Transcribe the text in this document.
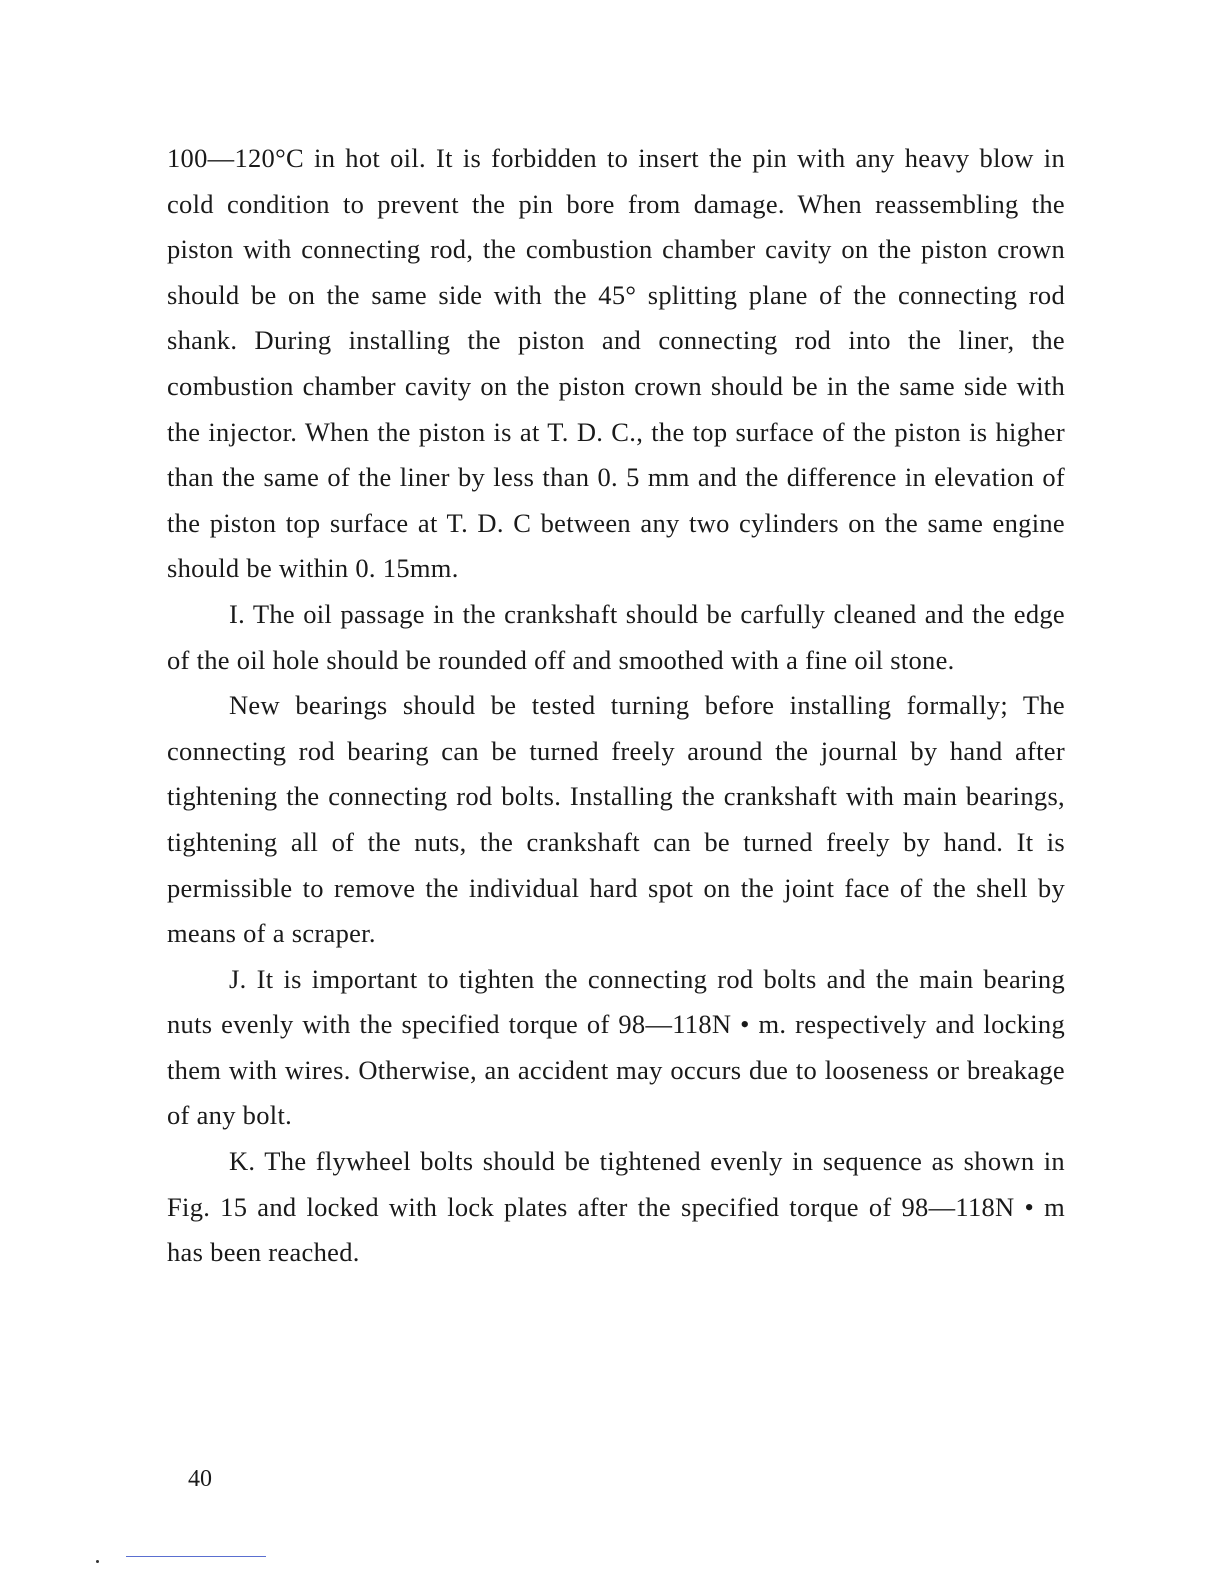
100—120°C in hot oil. It is forbidden to insert the pin with any heavy blow in cold condition to prevent the pin bore from damage. When reassembling the piston with connecting rod, the combustion chamber cavity on the piston crown should be on the same side with the 45° splitting plane of the connecting rod shank. During installing the piston and connecting rod into the liner, the combustion chamber cavity on the piston crown should be in the same side with the injector. When the piston is at T. D. C., the top surface of the piston is higher than the same of the liner by less than 0. 5 mm and the difference in elevation of the piston top surface at T. D. C between any two cylinders on the same engine should be within 0. 15mm.

I. The oil passage in the crankshaft should be carfully cleaned and the edge of the oil hole should be rounded off and smoothed with a fine oil stone.

New bearings should be tested turning before installing formally; The connecting rod bearing can be turned freely around the journal by hand after tightening the connecting rod bolts. Installing the crankshaft with main bearings, tightening all of the nuts, the crankshaft can be turned freely by hand. It is permissible to remove the individual hard spot on the joint face of the shell by means of a scraper.

J. It is important to tighten the connecting rod bolts and the main bearing nuts evenly with the specified torque of 98—118N • m. respectively and locking them with wires. Otherwise, an accident may occurs due to looseness or breakage of any bolt.

K. The flywheel bolts should be tightened evenly in sequence as shown in Fig. 15 and locked with lock plates after the specified torque of 98—118N • m has been reached.

40
